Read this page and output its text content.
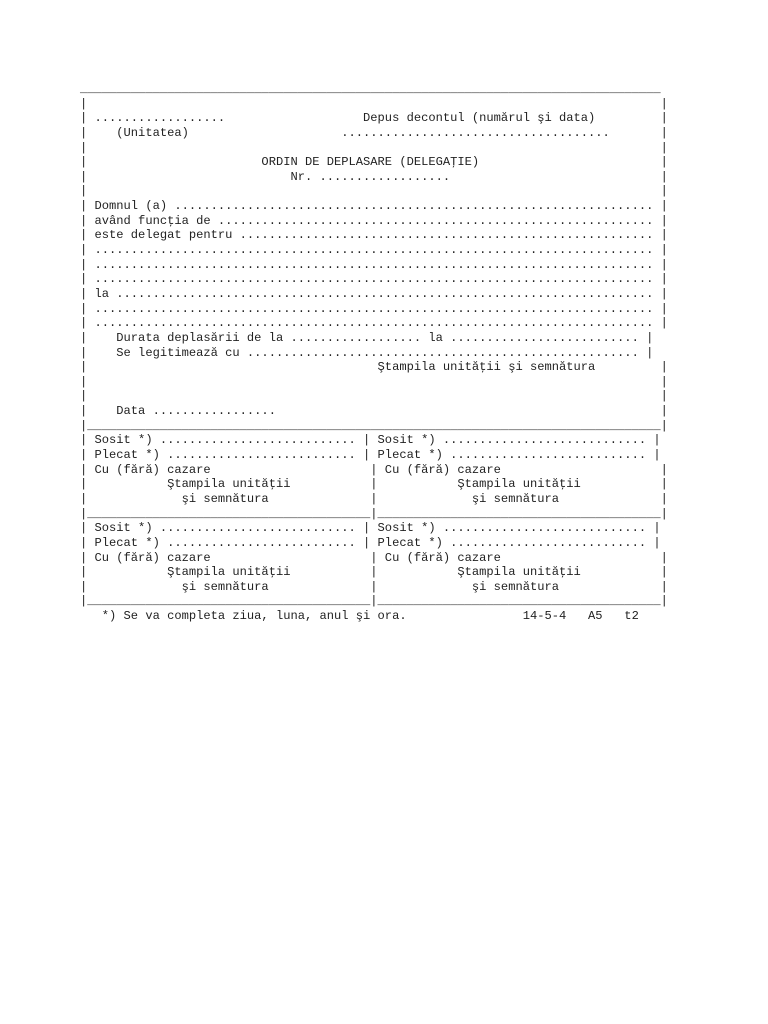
________________________________________________________________________________
|                                                                               |
| ..................                   Depus decontul (numărul şi data)         |
|    (Unitatea)                     .....................................       |
|                                                                               |
|                        ORDIN DE DEPLASARE (DELEGAŢIE)                         |
|                            Nr. ..................                             |
|                                                                               |
| Domnul (a) .................................................................. |
| având funcţia de ............................................................ |
| este delegat pentru ......................................................... |
| ............................................................................. |
| ............................................................................. |
| ............................................................................. |
| la .......................................................................... |
| ............................................................................. |
| ............................................................................. |
|    Durata deplasării de la .................. la .......................... |
|    Se legitimează cu ...................................................... |
|                                        Ştampila unităţii şi semnătura         |
|                                                                               |
|                                                                               |
|    Data .................                                                     |
|_______________________________________________________________________________|
| Sosit *) ........................... | Sosit *) ............................ |
| Plecat *) .......................... | Plecat *) ........................... |
| Cu (fără) cazare                      | Cu (fără) cazare                      |
|           Ştampila unităţii           |           Ştampila unităţii           |
|             şi semnătura              |             şi semnătura              |
|_______________________________________|_______________________________________|
| Sosit *) ........................... | Sosit *) ............................ |
| Plecat *) .......................... | Plecat *) ........................... |
| Cu (fără) cazare                      | Cu (fără) cazare                      |
|           Ştampila unităţii           |           Ştampila unităţii           |
|             şi semnătura              |             şi semnătura              |
|_______________________________________|_______________________________________|
*) Se va completa ziua, luna, anul şi ora.                14-5-4   A5   t2
